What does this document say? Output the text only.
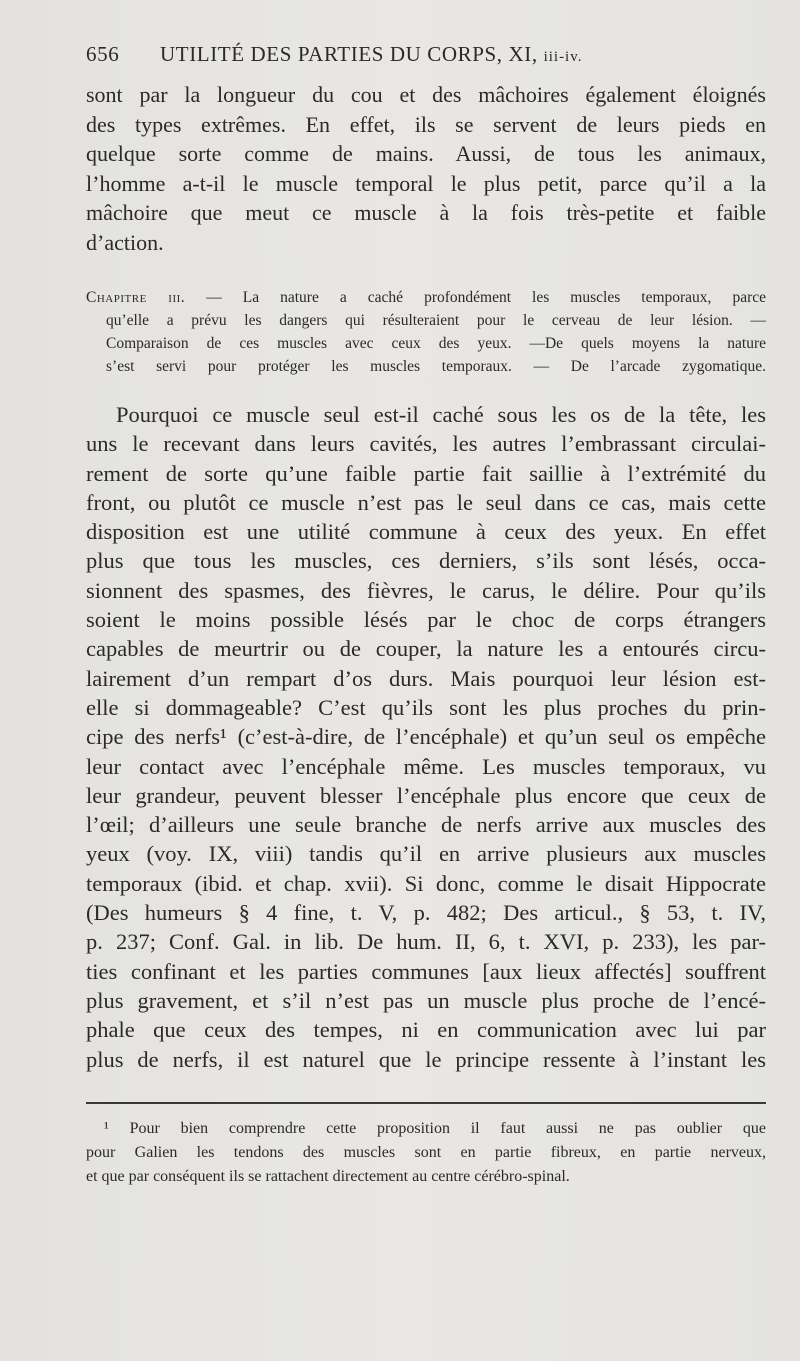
656 UTILITÉ DES PARTIES DU CORPS, XI, iii-iv.
sont par la longueur du cou et des mâchoires également éloignés
des types extrêmes. En effet, ils se servent de leurs pieds en
quelque sorte comme de mains. Aussi, de tous les animaux,
l’homme a-t-il le muscle temporal le plus petit, parce qu’il a la
mâchoire que meut ce muscle à la fois très-petite et faible
d’action.
Chapitre iii. — La nature a caché profondément les muscles temporaux, parce
qu’elle a prévu les dangers qui résulteraient pour le cerveau de leur lésion. —
Comparaison de ces muscles avec ceux des yeux. —De quels moyens la nature
s’est servi pour protéger les muscles temporaux. — De l’arcade zygomatique.
Pourquoi ce muscle seul est-il caché sous les os de la tête, les
uns le recevant dans leurs cavités, les autres l’embrassant circulai-
rement de sorte qu’une faible partie fait saillie à l’extrémité du
front, ou plutôt ce muscle n’est pas le seul dans ce cas, mais cette
disposition est une utilité commune à ceux des yeux. En effet
plus que tous les muscles, ces derniers, s’ils sont lésés, occa-
sionnent des spasmes, des fièvres, le carus, le délire. Pour qu’ils
soient le moins possible lésés par le choc de corps étrangers
capables de meurtrir ou de couper, la nature les a entourés circu-
lairement d’un rempart d’os durs. Mais pourquoi leur lésion est-
elle si dommageable? C’est qu’ils sont les plus proches du prin-
cipe des nerfs¹ (c’est-à-dire, de l’encéphale) et qu’un seul os empêche
leur contact avec l’encéphale même. Les muscles temporaux, vu
leur grandeur, peuvent blesser l’encéphale plus encore que ceux de
l’œil; d’ailleurs une seule branche de nerfs arrive aux muscles des
yeux (voy. IX, viii) tandis qu’il en arrive plusieurs aux muscles
temporaux (ibid. et chap. xvii). Si donc, comme le disait Hippocrate
(Des humeurs § 4 fine, t. V, p. 482; Des articul., § 53, t. IV,
p. 237; Conf. Gal. in lib. De hum. II, 6, t. XVI, p. 233), les par-
ties confinant et les parties communes [aux lieux affectés] souffrent
plus gravement, et s’il n’est pas un muscle plus proche de l’encé-
phale que ceux des tempes, ni en communication avec lui par
plus de nerfs, il est naturel que le principe ressente à l’instant les
¹ Pour bien comprendre cette proposition il faut aussi ne pas oublier que
pour Galien les tendons des muscles sont en partie fibreux, en partie nerveux,
et que par conséquent ils se rattachent directement au centre cérébro-spinal.
